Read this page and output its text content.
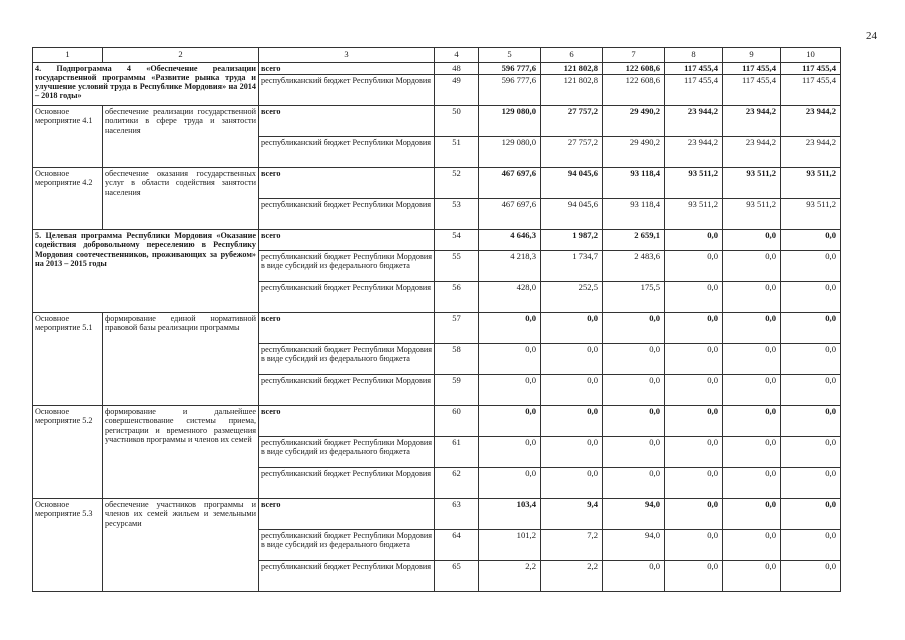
24
1	2	3	4	5	6	7	8	9	10
4. Подпрограмма 4 «Обеспечение реализации государственной программы «Развитие рынка труда и улучшение условий труда в Республике Мордовия» на 2014 – 2018 годы»		всего	48	596 777,6	121 802,8	122 608,6	117 455,4	117 455,4	117 455,4
		республиканский бюджет Республики Мордовия	49	596 777,6	121 802,8	122 608,6	117 455,4	117 455,4	117 455,4
Основное мероприятие 4.1	обеспечение реализации государственной политики в сфере труда и занятости населения	всего	50	129 080,0	27 757,2	29 490,2	23 944,2	23 944,2	23 944,2
		республиканский бюджет Республики Мордовия	51	129 080,0	27 757,2	29 490,2	23 944,2	23 944,2	23 944,2
Основное мероприятие 4.2	обеспечение оказания государственных услуг в области содействия занятости населения	всего	52	467 697,6	94 045,6	93 118,4	93 511,2	93 511,2	93 511,2
		республиканский бюджет Республики Мордовия	53	467 697,6	94 045,6	93 118,4	93 511,2	93 511,2	93 511,2
5. Целевая программа Республики Мордовия «Оказание содействия добровольному переселению в Республику Мордовия соотечественников, проживающих за рубежом» на 2013 – 2015 годы		всего	54	4 646,3	1 987,2	2 659,1	0,0	0,0	0,0
		республиканский бюджет Республики Мордовия в виде субсидий из федерального бюджета	55	4 218,3	1 734,7	2 483,6	0,0	0,0	0,0
		республиканский бюджет Республики Мордовия	56	428,0	252,5	175,5	0,0	0,0	0,0
Основное мероприятие 5.1	формирование единой нормативной правовой базы реализации программы	всего	57	0,0	0,0	0,0	0,0	0,0	0,0
		республиканский бюджет Республики Мордовия в виде субсидий из федерального бюджета	58	0,0	0,0	0,0	0,0	0,0	0,0
		республиканский бюджет Республики Мордовия	59	0,0	0,0	0,0	0,0	0,0	0,0
Основное мероприятие 5.2	формирование и дальнейшее совершенствование системы приема, регистрации и временного размещения участников программы и членов их семей	всего	60	0,0	0,0	0,0	0,0	0,0	0,0
		республиканский бюджет Республики Мордовия в виде субсидий из федерального бюджета	61	0,0	0,0	0,0	0,0	0,0	0,0
		республиканский бюджет Республики Мордовия	62	0,0	0,0	0,0	0,0	0,0	0,0
Основное мероприятие 5.3	обеспечение участников программы и членов их семей жильем и земельными ресурсами	всего	63	103,4	9,4	94,0	0,0	0,0	0,0
		республиканский бюджет Республики Мордовия в виде субсидий из федерального бюджета	64	101,2	7,2	94,0	0,0	0,0	0,0
		республиканский бюджет Республики Мордовия	65	2,2	2,2	0,0	0,0	0,0	0,0
